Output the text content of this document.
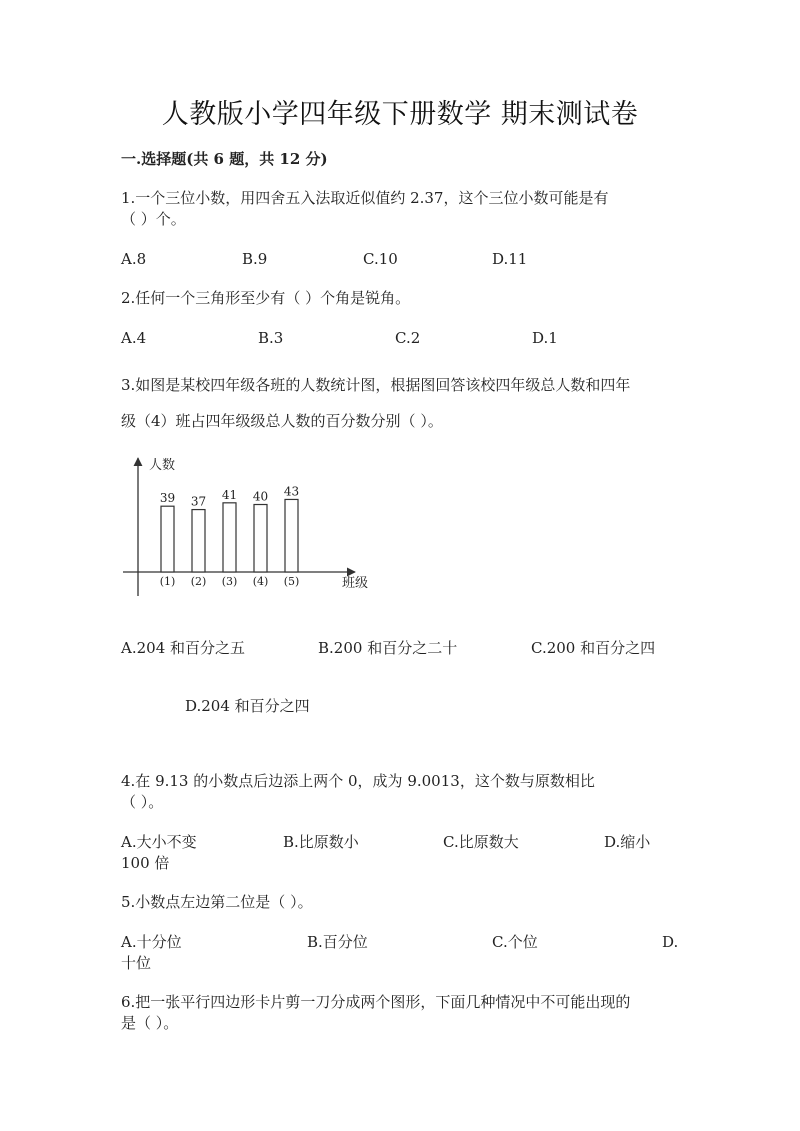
人教版小学四年级下册数学 期末测试卷
一.选择题(共 6 题，共 12 分)
1.一个三位小数，用四舍五入法取近似值约 2.37，这个三位小数可能是有
（ ）个。
A.8	B.9	C.10	D.11
2.任何一个三角形至少有（ ）个角是锐角。
A.4	B.3	C.2	D.1
3.如图是某校四年级各班的人数统计图，根据图回答该校四年级总人数和四年
级（4）班占四年级级总人数的百分数分别（ ）。
人数
班级
39
(1)
37
(2)
41
(3)
40
(4)
43
(5)
A.204 和百分之五	B.200 和百分之二十	C.200 和百分之四
D.204 和百分之四
4.在 9.13 的小数点后边添上两个 0，成为 9.0013，这个数与原数相比
（ ）。
A.大小不变	B.比原数小	C.比原数大	D.缩小
100 倍
5.小数点左边第二位是（ ）。
A.十分位	B.百分位	C.个位	D.
十位
6.把一张平行四边形卡片剪一刀分成两个图形，下面几种情况中不可能出现的
是（ ）。
